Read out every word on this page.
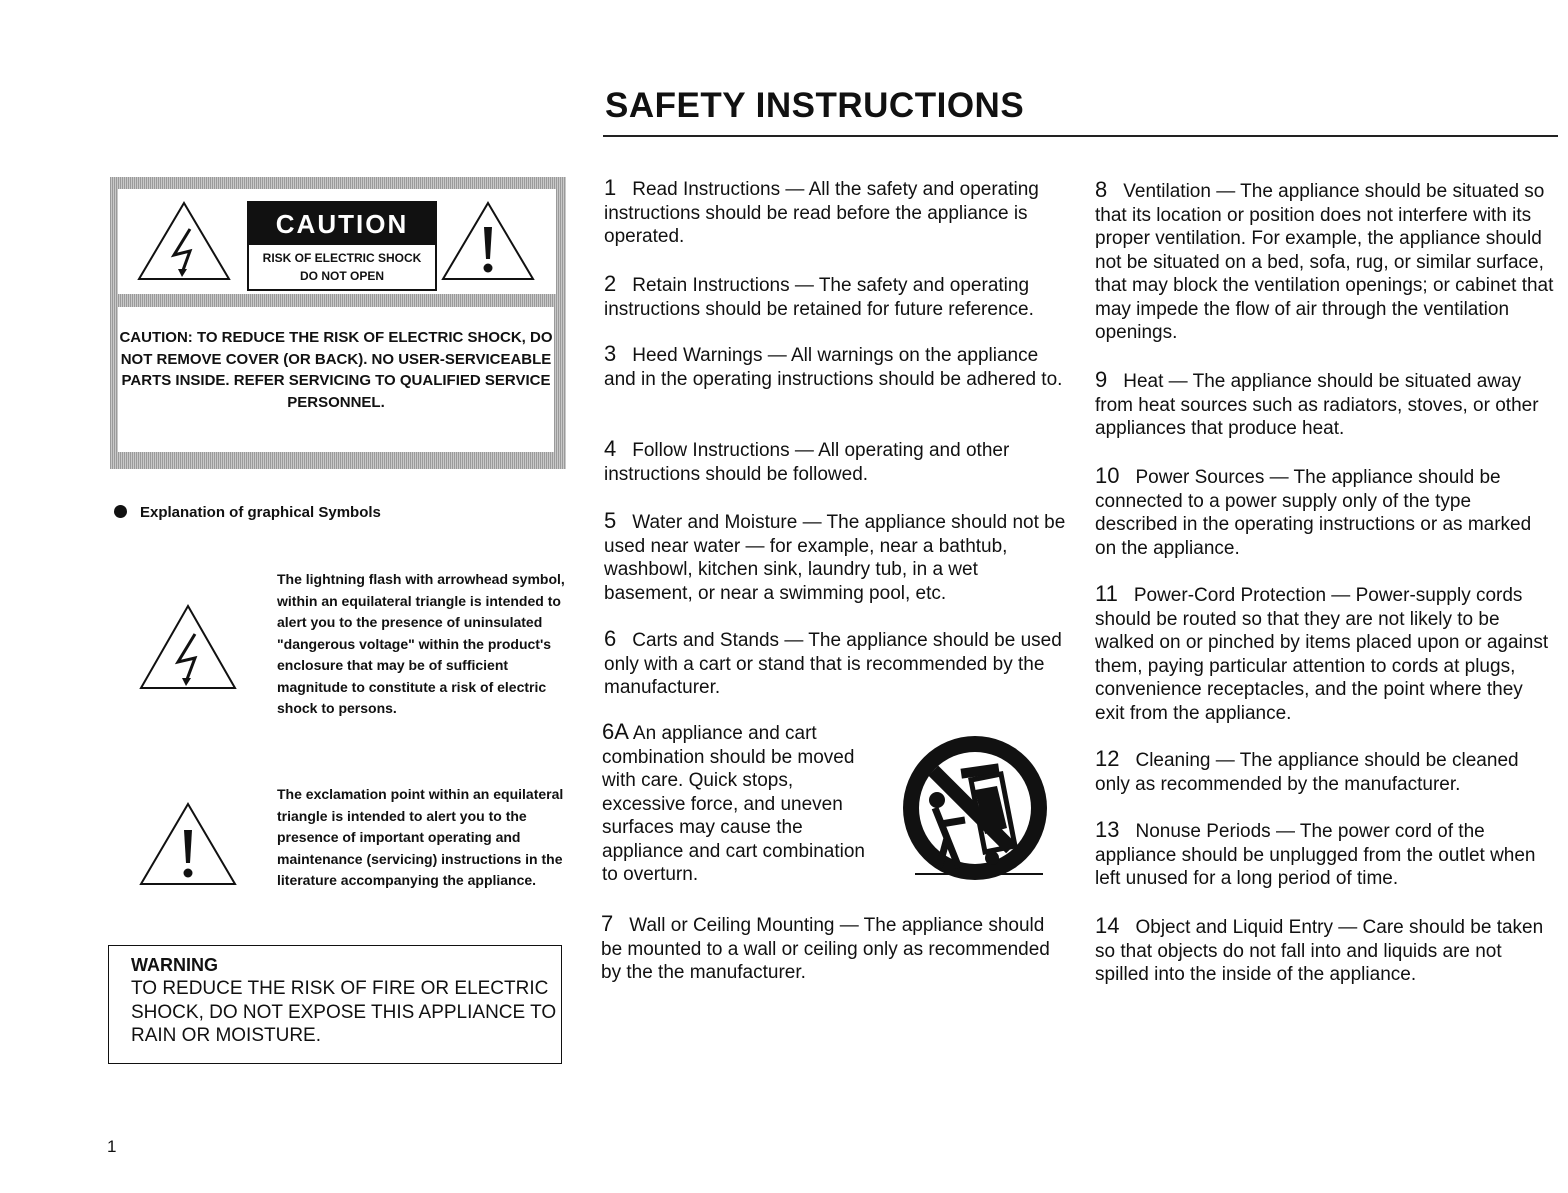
SAFETY INSTRUCTIONS
CAUTION
RISK OF ELECTRIC SHOCK
DO NOT OPEN
CAUTION: TO REDUCE THE RISK OF ELECTRIC SHOCK, DO NOT REMOVE COVER (OR BACK). NO USER-SERVICEABLE PARTS INSIDE. REFER SERVICING TO QUALIFIED SERVICE PERSONNEL.
Explanation of graphical Symbols
The lightning flash with arrowhead symbol, within an equilateral triangle is intended to alert you to the presence of uninsulated "dangerous voltage" within the product's enclosure that may be of sufficient magnitude to constitute a risk of electric shock to persons.
The exclamation point within an equilateral triangle is intended to alert you to the presence of important operating and maintenance (servicing) instructions in the literature accompanying the appliance.
WARNING
TO REDUCE THE RISK OF FIRE OR ELECTRIC SHOCK, DO NOT EXPOSE THIS APPLIANCE TO RAIN OR MOISTURE.
1
1 Read Instructions — All the safety and operating instructions should be read before the appliance is operated.
2 Retain Instructions — The safety and operating instructions should be retained for future reference.
3 Heed Warnings — All warnings on the appliance and in the operating instructions should be adhered to.
4 Follow Instructions — All operating and other instructions should be followed.
5 Water and Moisture — The appliance should not be used near water — for example, near a bathtub, washbowl, kitchen sink, laundry tub, in a wet basement, or near a swimming pool, etc.
6 Carts and Stands — The appliance should be used only with a cart or stand that is recommended by the manufacturer.
6A An appliance and cart combination should be moved with care. Quick stops, excessive force, and uneven surfaces may cause the appliance and cart combination to overturn.
7 Wall or Ceiling Mounting — The appliance should be mounted to a wall or ceiling only as recommended by the the manufacturer.
8 Ventilation — The appliance should be situated so that its location or position does not interfere with its proper ventilation. For example, the appliance should not be situated on a bed, sofa, rug, or similar surface, that may block the ventilation openings; or cabinet that may impede the flow of air through the ventilation openings.
9 Heat — The appliance should be situated away from heat sources such as radiators, stoves, or other appliances that produce heat.
10 Power Sources — The appliance should be connected to a power supply only of the type described in the operating instructions or as marked on the appliance.
11 Power-Cord Protection — Power-supply cords should be routed so that they are not likely to be walked on or pinched by items placed upon or against them, paying particular attention to cords at plugs, convenience receptacles, and the point where they exit from the appliance.
12 Cleaning — The appliance should be cleaned only as recommended by the manufacturer.
13 Nonuse Periods — The power cord of the appliance should be unplugged from the outlet when left unused for a long period of time.
14 Object and Liquid Entry — Care should be taken so that objects do not fall into and liquids are not spilled into the inside of the appliance.
